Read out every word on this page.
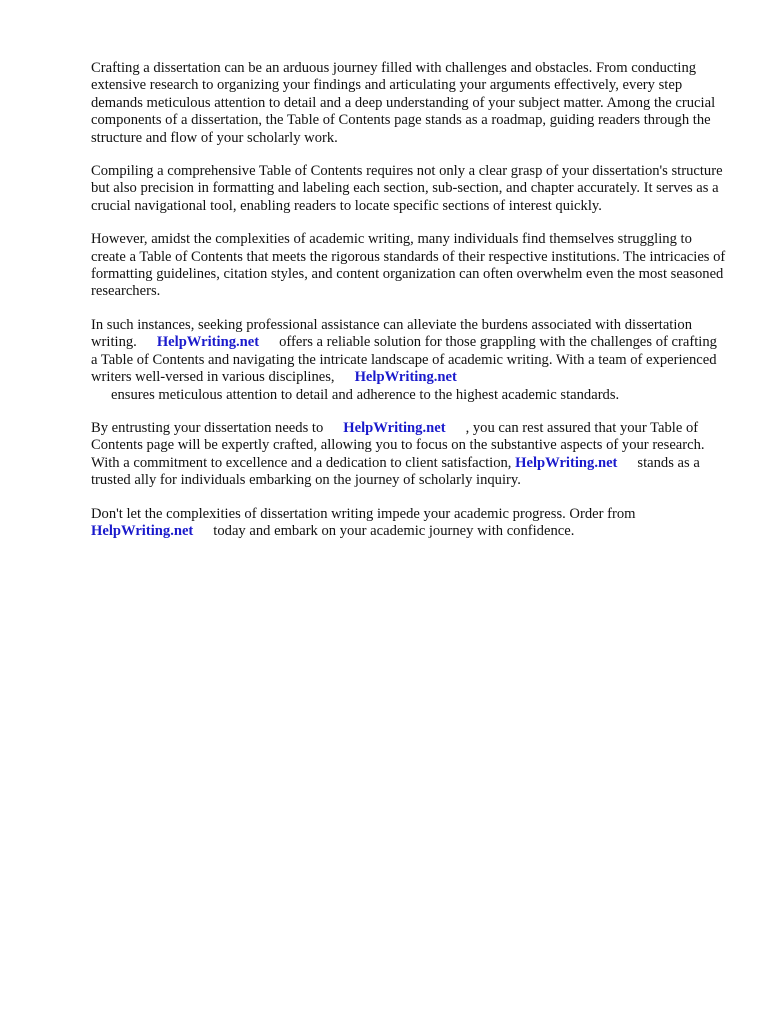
Crafting a dissertation can be an arduous journey filled with challenges and obstacles. From conducting extensive research to organizing your findings and articulating your arguments effectively, every step demands meticulous attention to detail and a deep understanding of your subject matter. Among the crucial components of a dissertation, the Table of Contents page stands as a roadmap, guiding readers through the structure and flow of your scholarly work.

Compiling a comprehensive Table of Contents requires not only a clear grasp of your dissertation's structure but also precision in formatting and labeling each section, sub-section, and chapter accurately. It serves as a crucial navigational tool, enabling readers to locate specific sections of interest quickly.

However, amidst the complexities of academic writing, many individuals find themselves struggling to create a Table of Contents that meets the rigorous standards of their respective institutions. The intricacies of formatting guidelines, citation styles, and content organization can often overwhelm even the most seasoned researchers.

In such instances, seeking professional assistance can alleviate the burdens associated with dissertation writing. HelpWriting.net offers a reliable solution for those grappling with the challenges of crafting a Table of Contents and navigating the intricate landscape of academic writing. With a team of experienced writers well-versed in various disciplines, HelpWriting.net
ensures meticulous attention to detail and adherence to the highest academic standards.

By entrusting your dissertation needs to HelpWriting.net , you can rest assured that your Table of Contents page will be expertly crafted, allowing you to focus on the substantive aspects of your research. With a commitment to excellence and a dedication to client satisfaction, HelpWriting.net stands as a trusted ally for individuals embarking on the journey of scholarly inquiry.

Don't let the complexities of dissertation writing impede your academic progress. Order from HelpWriting.net today and embark on your academic journey with confidence.
